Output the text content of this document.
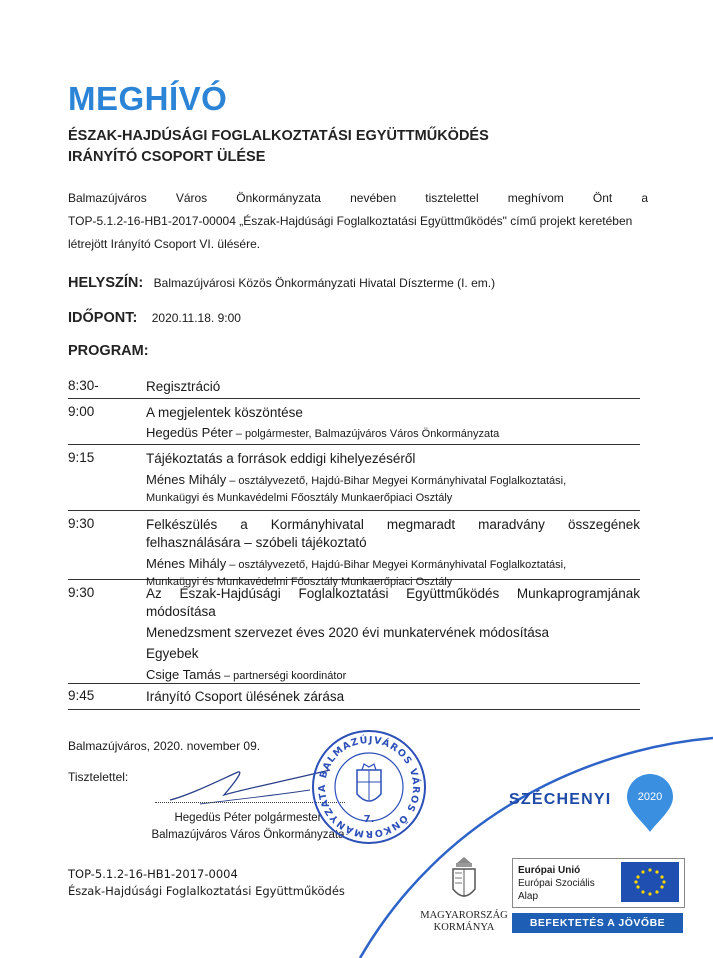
MEGHÍVÓ
ÉSZAK-HAJDÚSÁGI FOGLALKOZTATÁSI EGYÜTTMŰKÖDÉS
IRÁNYÍTÓ CSOPORT ÜLÉSE

Balmazújváros Város Önkormányzata nevében tisztelettel meghívom Önt a

TOP-5.1.2-16-HB1-2017-00004 „Észak-Hajdúsági Foglalkoztatási Együttműködés" című projekt keretében

létrejött Irányító Csoport VI. ülésére.

HELYSZÍN: Balmazújvárosi Közös Önkormányzati Hivatal Díszterme (I. em.)
IDŐPONT: 2020.11.18. 9:00
PROGRAM:
8:30-	Regisztráció
9:00	A megjelentek köszöntése
Hegedüs Péter – polgármester, Balmazújváros Város Önkormányzata
9:15	Tájékoztatás a források eddigi kihelyezéséről
Ménes Mihály – osztályvezető, Hajdú-Bihar Megyei Kormányhivatal Foglalkoztatási,
Munkaügyi és Munkavédelmi Főosztály Munkaerőpiaci Osztály
9:30	Felkészülés a Kormányhivatal megmaradt maradvány összegének felhasználására – szóbeli tájékoztató
Ménes Mihály – osztályvezető, Hajdú-Bihar Megyei Kormányhivatal Foglalkoztatási,
Munkaügyi és Munkavédelmi Főosztály Munkaerőpiaci Osztály
9:30	Az Észak-Hajdúsági Foglalkoztatási Együttműködés Munkaprogramjának módosítása
Menedzsment szervezet éves 2020 évi munkatervének módosítása
Egyebek
Csige Tamás – partnerségi koordinátor
9:45	Irányító Csoport ülésének zárása
Balmazújváros, 2020. november 09.
Tisztelettel:
Hegedüs Péter polgármester
Balmazújváros Város Önkormányzata
BALMAZÚJVÁROS VÁROS ÖNKORMÁNYZATA
7.
SZÉCHENYI	2020
TOP-5.1.2-16-HB1-2017-0004
Észak-Hajdúsági Foglalkoztatási Együttműködés
MAGYARORSZÁG
KORMÁNYA
Európai Unió
Európai Szociális
Alap
BEFEKTETÉS A JÖVŐBE
